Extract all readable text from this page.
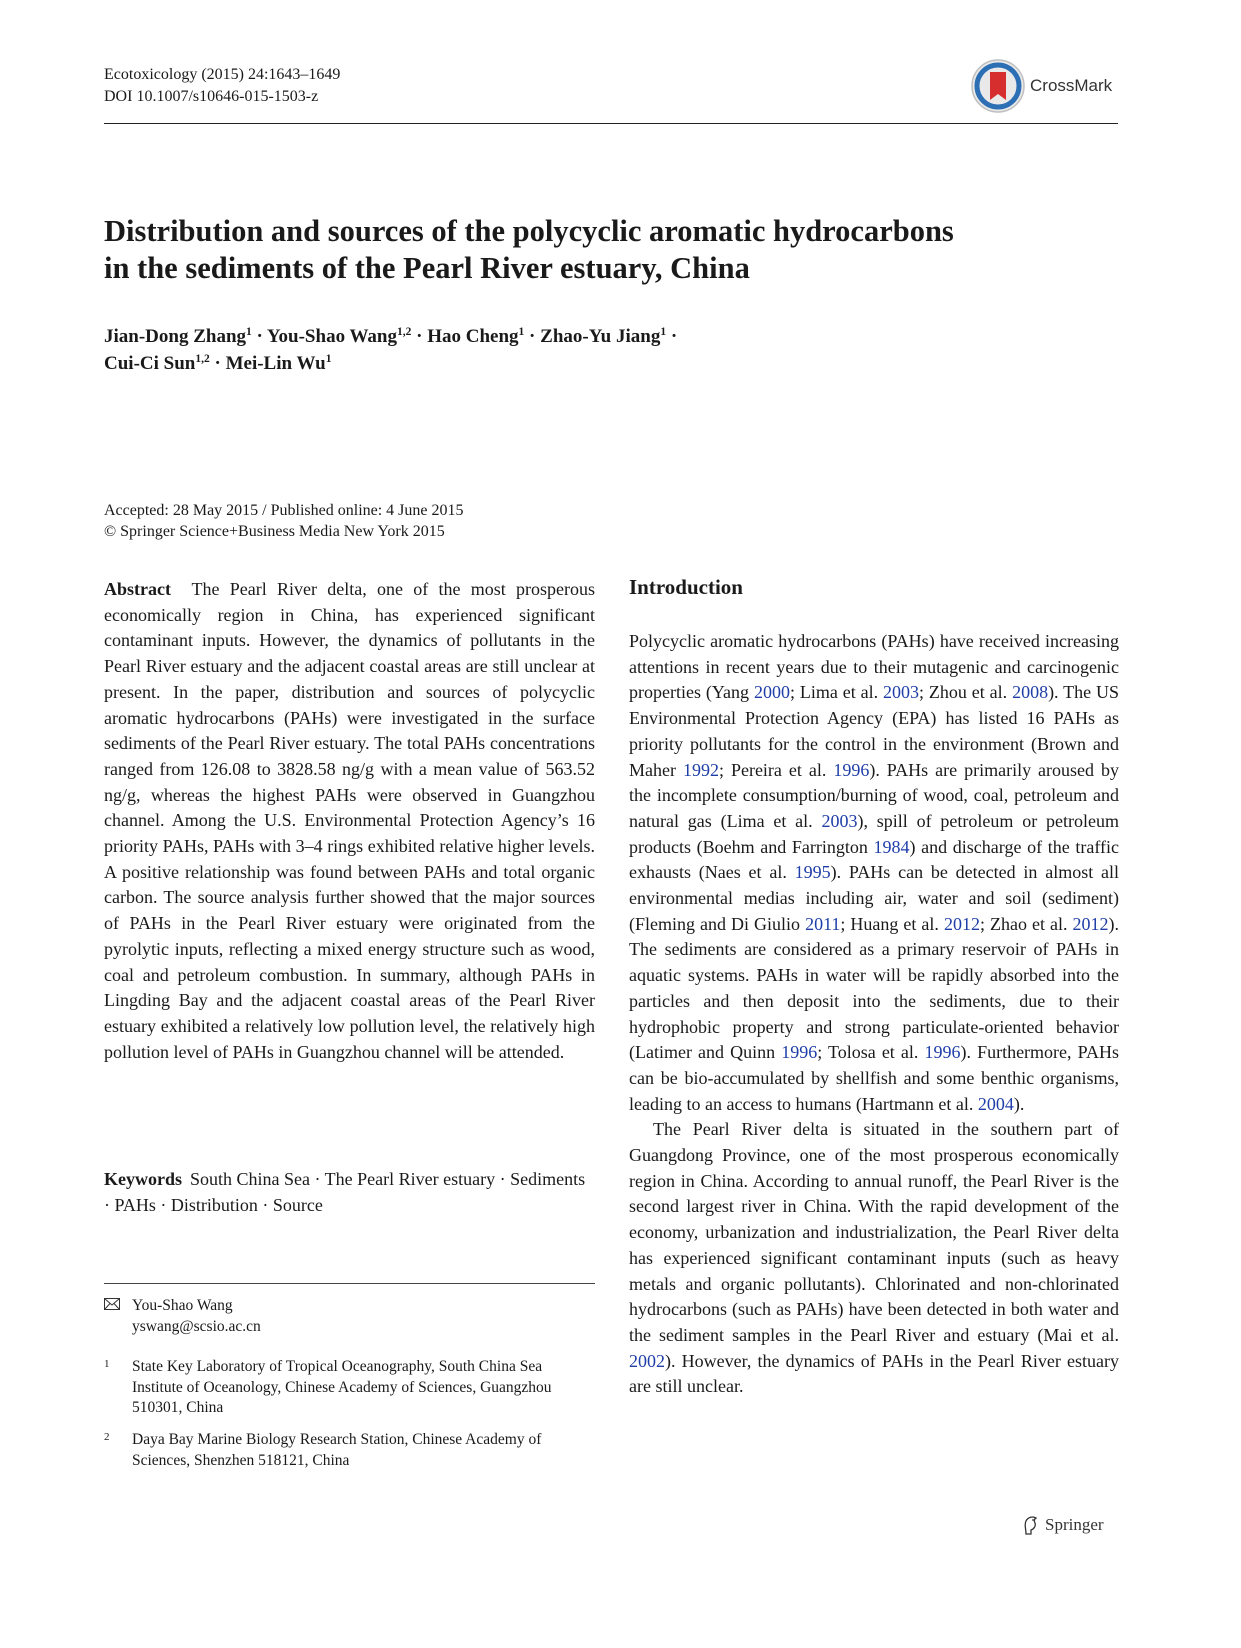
Ecotoxicology (2015) 24:1643–1649
DOI 10.1007/s10646-015-1503-z
CrossMark
Distribution and sources of the polycyclic aromatic hydrocarbons
in the sediments of the Pearl River estuary, China
Jian-Dong Zhang$^1$ · You-Shao Wang$^{1,2}$ · Hao Cheng$^1$ · Zhao-Yu Jiang$^1$ ·
Cui-Ci Sun$^{1,2}$ · Mei-Lin Wu$^1$
Accepted: 28 May 2015 / Published online: 4 June 2015
© Springer Science+Business Media New York 2015

Abstract The Pearl River delta, one of the most prosperous economically region in China, has experienced significant contaminant inputs. However, the dynamics of pollutants in the Pearl River estuary and the adjacent coastal areas are still unclear at present. In the paper, distribution and sources of polycyclic aromatic hydrocarbons (PAHs) were investigated in the surface sediments of the Pearl River estuary. The total PAHs concentrations ranged from 126.08 to 3828.58 ng/g with a mean value of 563.52 ng/g, whereas the highest PAHs were observed in Guangzhou channel. Among the U.S. Environmental Protection Agency’s 16 priority PAHs, PAHs with 3–4 rings exhibited relative higher levels. A positive relationship was found between PAHs and total organic carbon. The source analysis further showed that the major sources of PAHs in the Pearl River estuary were originated from the pyrolytic inputs, reflecting a mixed energy structure such as wood, coal and petroleum combustion. In summary, although PAHs in Lingding Bay and the adjacent coastal areas of the Pearl River estuary exhibited a relatively low pollution level, the relatively high pollution level of PAHs in Guangzhou channel will be attended.

Keywords South China Sea · The Pearl River estuary · Sediments · PAHs · Distribution · Source
You-Shao Wang
yswang@scsio.ac.cn
1	State Key Laboratory of Tropical Oceanography, South China Sea Institute of Oceanology, Chinese Academy of Sciences, Guangzhou 510301, China
2	Daya Bay Marine Biology Research Station, Chinese Academy of Sciences, Shenzhen 518121, China
Introduction

Polycyclic aromatic hydrocarbons (PAHs) have received increasing attentions in recent years due to their mutagenic and carcinogenic properties (Yang 2000; Lima et al. 2003; Zhou et al. 2008). The US Environmental Protection Agency (EPA) has listed 16 PAHs as priority pollutants for the control in the environment (Brown and Maher 1992; Pereira et al. 1996). PAHs are primarily aroused by the incomplete consumption/burning of wood, coal, petroleum and natural gas (Lima et al. 2003), spill of petroleum or petroleum products (Boehm and Farrington 1984) and discharge of the traffic exhausts (Naes et al. 1995). PAHs can be detected in almost all environmental medias including air, water and soil (sediment) (Fleming and Di Giulio 2011; Huang et al. 2012; Zhao et al. 2012). The sediments are considered as a primary reservoir of PAHs in aquatic systems. PAHs in water will be rapidly absorbed into the particles and then deposit into the sediments, due to their hydrophobic property and strong particulate-oriented behavior (Latimer and Quinn 1996; Tolosa et al. 1996). Furthermore, PAHs can be bio-accumulated by shellfish and some benthic organisms, leading to an access to humans (Hartmann et al. 2004).

The Pearl River delta is situated in the southern part of Guangdong Province, one of the most prosperous economically region in China. According to annual runoff, the Pearl River is the second largest river in China. With the rapid development of the economy, urbanization and industrialization, the Pearl River delta has experienced significant contaminant inputs (such as heavy metals and organic pollutants). Chlorinated and non-chlorinated hydrocarbons (such as PAHs) have been detected in both water and the sediment samples in the Pearl River and estuary (Mai et al. 2002). However, the dynamics of PAHs in the Pearl River estuary are still unclear.

Springer
